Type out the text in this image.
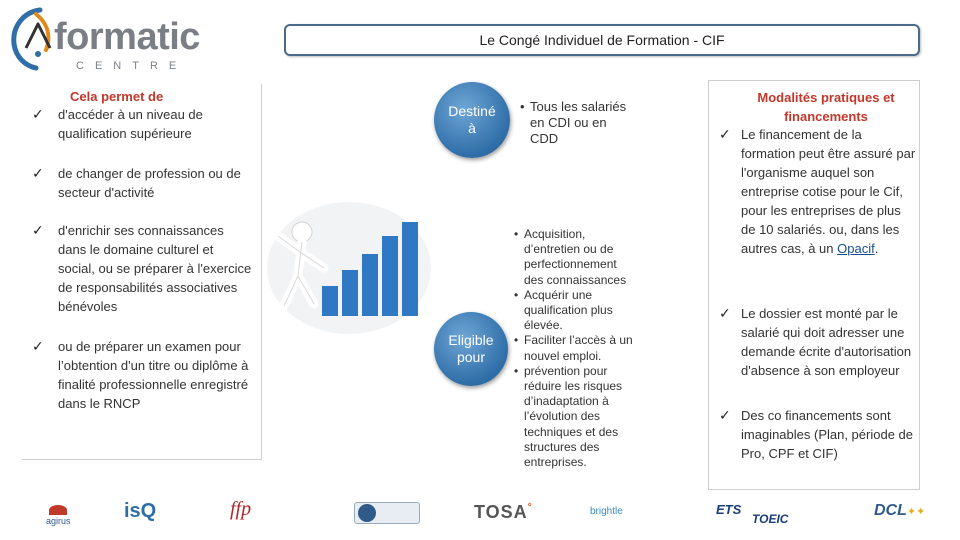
formatic
CENTRE
Le Congé Individuel de Formation - CIF
Cela permet de
✓ d'accéder à un niveau de qualification supérieure
✓ de changer de profession ou de secteur d'activité
✓ d'enrichir ses connaissances dans le domaine culturel et social, ou se préparer à l'exercice de responsabilités associatives bénévoles
✓ ou de préparer un examen pour l’obtention d'un titre ou diplôme à finalité professionnelle enregistré dans le RNCP
Destiné
à
• Tous les salariés
en CDI ou en
CDD
Eligible
pour
• Acquisition,
d’entretien ou de
perfectionnement
des connaissances
• Acquérir une
qualification plus
élevée.
• Faciliter l’accès à un
nouvel emploi.
• prévention pour
réduire les risques
d’inadaptation à
l’évolution des
techniques et des
structures des
entreprises.
Modalités pratiques et financements
✓ Le financement de la formation peut être assuré par l'organisme auquel son entreprise cotise pour le Cif, pour les entreprises de plus de 10 salariés. ou, dans les autres cas, à un Opacif.
✓ Le dossier est monté par le salarié qui doit adresser une demande écrite d'autorisation d'absence à son employeur
✓ Des co financements sont imaginables (Plan, période de Pro, CPF et CIF)
agirus	isQ	ffp	TOSA°	brightle	ETS
TOEIC	DCL✦✦
